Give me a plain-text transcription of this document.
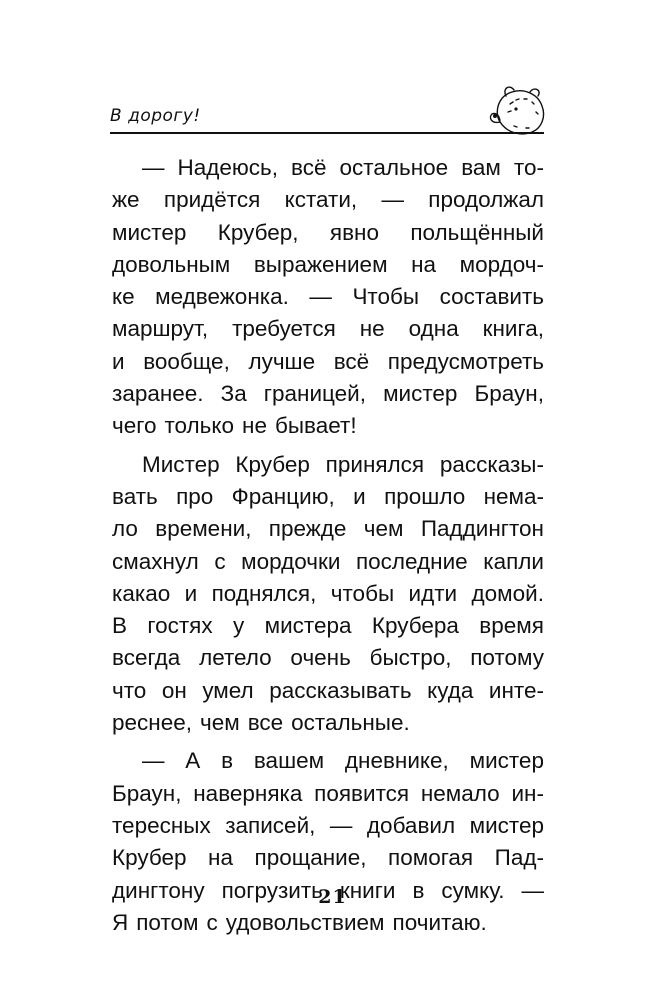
В дорогу!
— Надеюсь, всё остальное вам то-
же придётся кстати, — продолжал
мистер Крубер, явно польщённый
довольным выражением на мордоч-
ке медвежонка. — Чтобы составить
маршрут, требуется не одна книга,
и вообще, лучше всё предусмотреть
заранее. За границей, мистер Браун,
чего только не бывает!
Мистер Крубер принялся рассказы-
вать про Францию, и прошло нема-
ло времени, прежде чем Паддингтон
смахнул с мордочки последние капли
какао и поднялся, чтобы идти домой.
В гостях у мистера Крубера время
всегда летело очень быстро, потому
что он умел рассказывать куда инте-
реснее, чем все остальные.
— А в вашем дневнике, мистер
Браун, наверняка появится немало ин-
тересных записей, — добавил мистер
Крубер на прощание, помогая Пад-
дингтону погрузить книги в сумку. —
Я потом с удовольствием почитаю.
21
